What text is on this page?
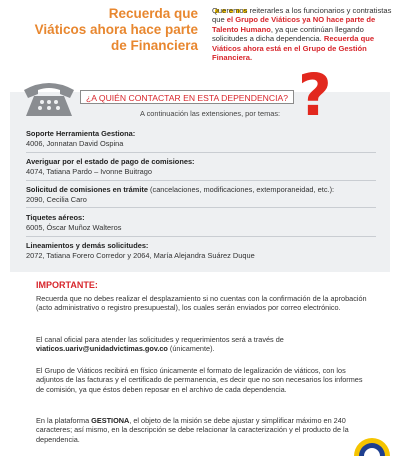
Recuerda que
Viáticos ahora hace parte
de Financiera
Queremos reiterarles a los funcionarios y contratistas que el Grupo de Viáticos ya NO hace parte de Talento Humano, ya que continúan llegando solicitudes a dicha dependencia. Recuerda que Viáticos ahora está en el Grupo de Gestión Financiera.
?
¿A QUIÉN CONTACTAR EN ESTA DEPENDENCIA?
A continuación las extensiones, por temas:
Soporte Herramienta Gestiona:
4006, Jonnatan David Ospina
Averiguar por el estado de pago de comisiones:
4074, Tatiana Pardo – Ivonne Buitrago
Solicitud de comisiones en trámite (cancelaciones, modificaciones, extemporaneidad, etc.):
2090, Cecilia Caro
Tiquetes aéreos:
6005, Óscar Muñoz Walteros
Lineamientos y demás solicitudes:
2072, Tatiana Forero Corredor y 2064, María Alejandra Suárez Duque
IMPORTANTE:
Recuerda que no debes realizar el desplazamiento si no cuentas con la confirmación de la aprobación (acto administrativo o registro presupuestal), los cuales serán enviados por correo electrónico.
El canal oficial para atender las solicitudes y requerimientos será a través de viaticos.uariv@unidadvictimas.gov.co (únicamente).
El Grupo de Viáticos recibirá en físico únicamente el formato de legalización de viáticos, con los adjuntos de las facturas y el certificado de permanencia, es decir que no son necesarios los informes de comisión, ya que éstos deben reposar en el archivo de cada dependencia.
En la plataforma GESTIONA, el objeto de la misión se debe ajustar y simplificar máximo en 240 caracteres; así mismo, en la descripción se debe relacionar la caracterización y el producto de la dependencia.
